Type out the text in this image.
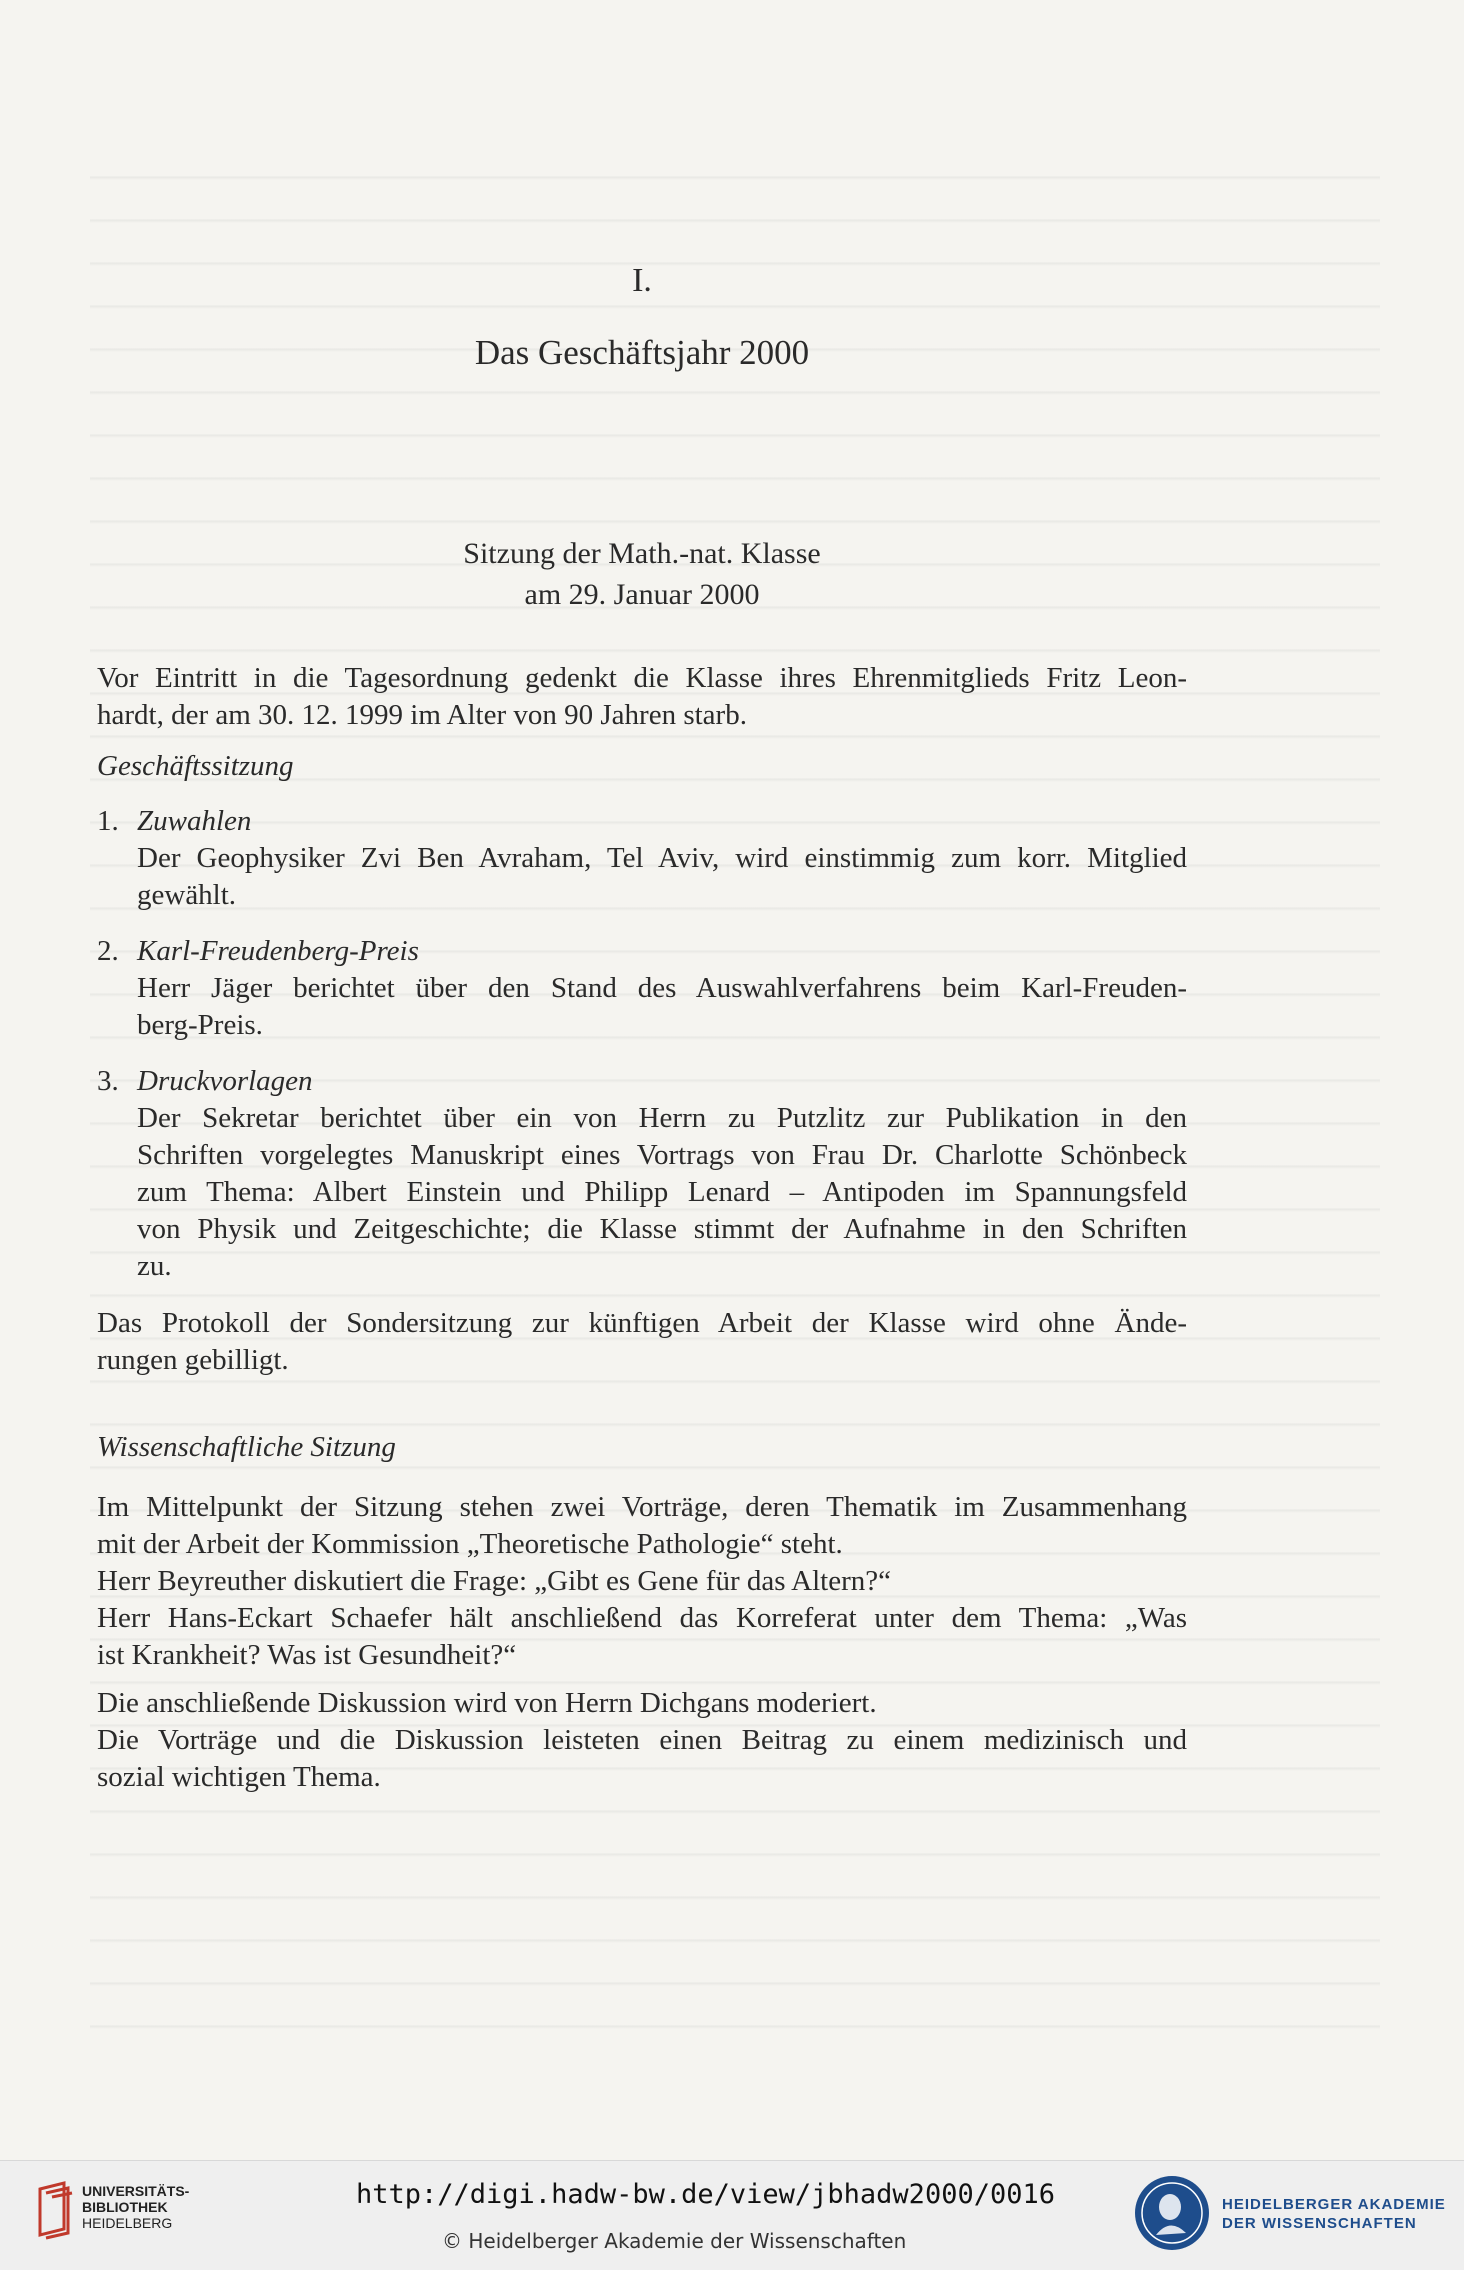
I.
Das Geschäftsjahr 2000
Sitzung der Math.-nat. Klasse
am 29. Januar 2000

Vor Eintritt in die Tagesordnung gedenkt die Klasse ihres Ehrenmitglieds Fritz Leon-

hardt, der am 30. 12. 1999 im Alter von 90 Jahren starb.

Geschäftssitzung
1. Zuwahlen

Der Geophysiker Zvi Ben Avraham, Tel Aviv, wird einstimmig zum korr. Mitglied

gewählt.

2. Karl-Freudenberg-Preis

Herr Jäger berichtet über den Stand des Auswahlverfahrens beim Karl-Freuden-

berg-Preis.

3. Druckvorlagen

Der Sekretar berichtet über ein von Herrn zu Putzlitz zur Publikation in den

Schriften vorgelegtes Manuskript eines Vortrags von Frau Dr. Charlotte Schönbeck

zum Thema: Albert Einstein und Philipp Lenard – Antipoden im Spannungsfeld

von Physik und Zeitgeschichte; die Klasse stimmt der Aufnahme in den Schriften

zu.

Das Protokoll der Sondersitzung zur künftigen Arbeit der Klasse wird ohne Ände-

rungen gebilligt.

Wissenschaftliche Sitzung

Im Mittelpunkt der Sitzung stehen zwei Vorträge, deren Thematik im Zusammenhang

mit der Arbeit der Kommission „Theoretische Pathologie“ steht.

Herr Beyreuther diskutiert die Frage: „Gibt es Gene für das Altern?“

Herr Hans-Eckart Schaefer hält anschließend das Korreferat unter dem Thema: „Was

ist Krankheit? Was ist Gesundheit?“

Die anschließende Diskussion wird von Herrn Dichgans moderiert.

Die Vorträge und die Diskussion leisteten einen Beitrag zu einem medizinisch und

sozial wichtigen Thema.

UNIVERSITÄTS-
BIBLIOTHEK
HEIDELBERG
http://digi.hadw-bw.de/view/jbhadw2000/0016
© Heidelberger Akademie der Wissenschaften
HEIDELBERGER AKADEMIE
DER WISSENSCHAFTEN
